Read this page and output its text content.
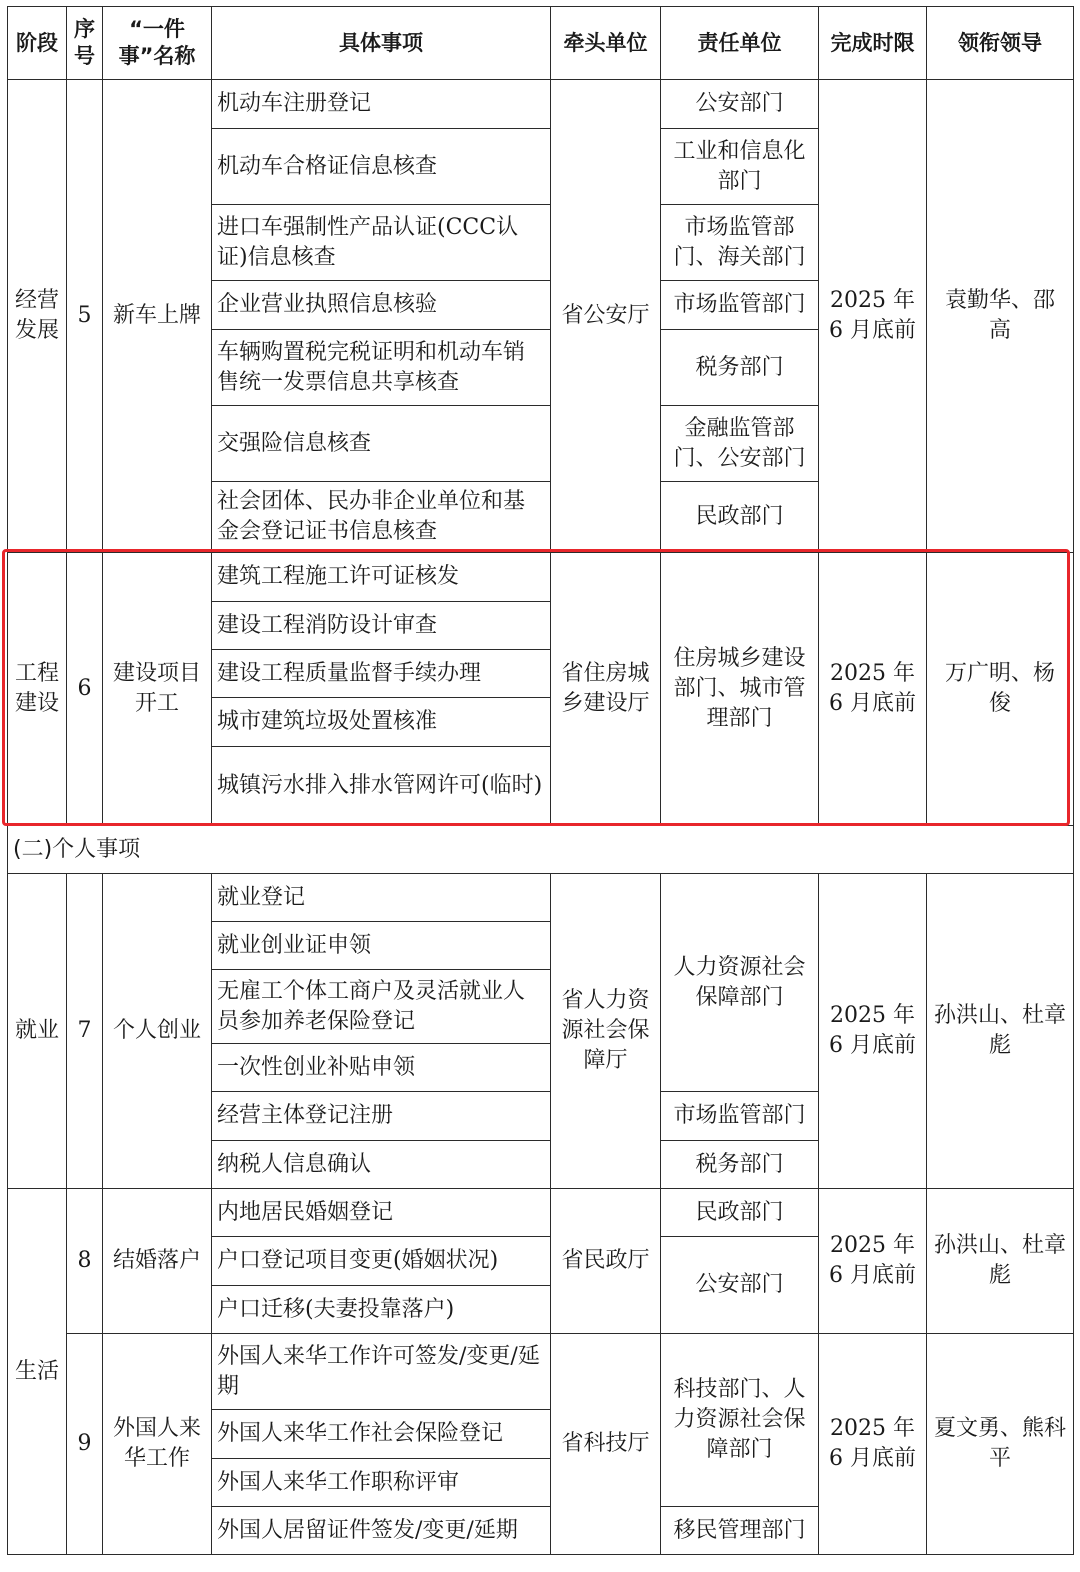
阶段	序号	“一件事”名称	具体事项	牵头单位	责任单位	完成时限	领衔领导
经营发展	5	新车上牌	机动车注册登记	省公安厅	公安部门	2025 年 6 月底前	袁勤华、邵　高
			机动车合格证信息核查		工业和信息化部门		
			进口车强制性产品认证(CCC认证)信息核查		市场监管部门、海关部门		
			企业营业执照信息核验		市场监管部门		
			车辆购置税完税证明和机动车销售统一发票信息共享核查		税务部门		
			交强险信息核查		金融监管部门、公安部门		
			社会团体、民办非企业单位和基金会登记证书信息核查		民政部门		
工程建设	6	建设项目开工	建筑工程施工许可证核发	省住房城乡建设厅	住房城乡建设部门、城市管理部门	2025 年 6 月底前	万广明、杨　俊
			建设工程消防设计审查				
			建设工程质量监督手续办理				
			城市建筑垃圾处置核准				
			城镇污水排入排水管网许可(临时)				
(二)个人事项							
就业	7	个人创业	就业登记	省人力资源社会保障厅	人力资源社会保障部门	2025 年 6 月底前	孙洪山、杜章彪
			就业创业证申领				
			无雇工个体工商户及灵活就业人员参加养老保险登记				
			一次性创业补贴申领				
			经营主体登记注册		市场监管部门		
			纳税人信息确认		税务部门		
生活	8	结婚落户	内地居民婚姻登记	省民政厅	民政部门	2025 年 6 月底前	孙洪山、杜章彪
			户口登记项目变更(婚姻状况)		公安部门		
			户口迁移(夫妻投靠落户)				
	9	外国人来华工作	外国人来华工作许可签发/变更/延期	省科技厅	科技部门、人力资源社会保障部门	2025 年 6 月底前	夏文勇、熊科平
			外国人来华工作社会保险登记				
			外国人来华工作职称评审				
			外国人居留证件签发/变更/延期		移民管理部门		
